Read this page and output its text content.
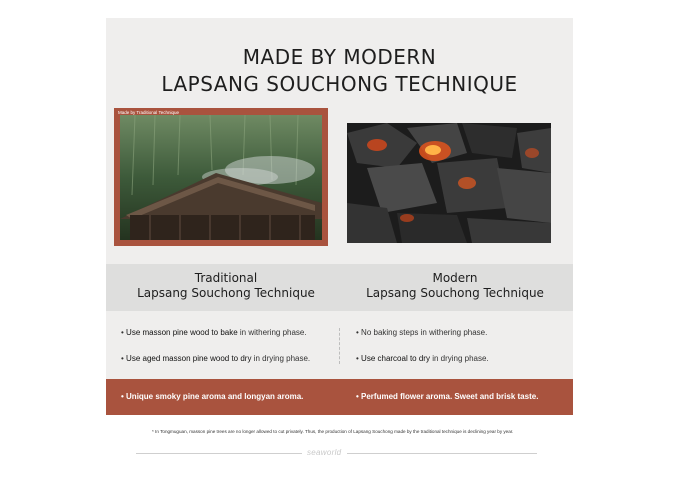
MADE BY MODERN
LAPSANG SOUCHONG TECHNIQUE
Made by Traditional Technique
Traditional
Lapsang Souchong Technique
Modern
Lapsang Souchong Technique
• Use masson pine wood to bake in withering phase.
• Use aged masson pine wood to dry in drying phase.
• No baking steps in withering phase.
• Use charcoal to dry in drying phase.
• Unique smoky pine aroma and longyan aroma.	• Perfumed flower aroma. Sweet and brisk taste.
* In Tongmuguan, masson pine trees are no longer allowed to cut privately. Thus, the production of Lapsang Souchong made by the traditional technique is declining year by year.
seaworld
